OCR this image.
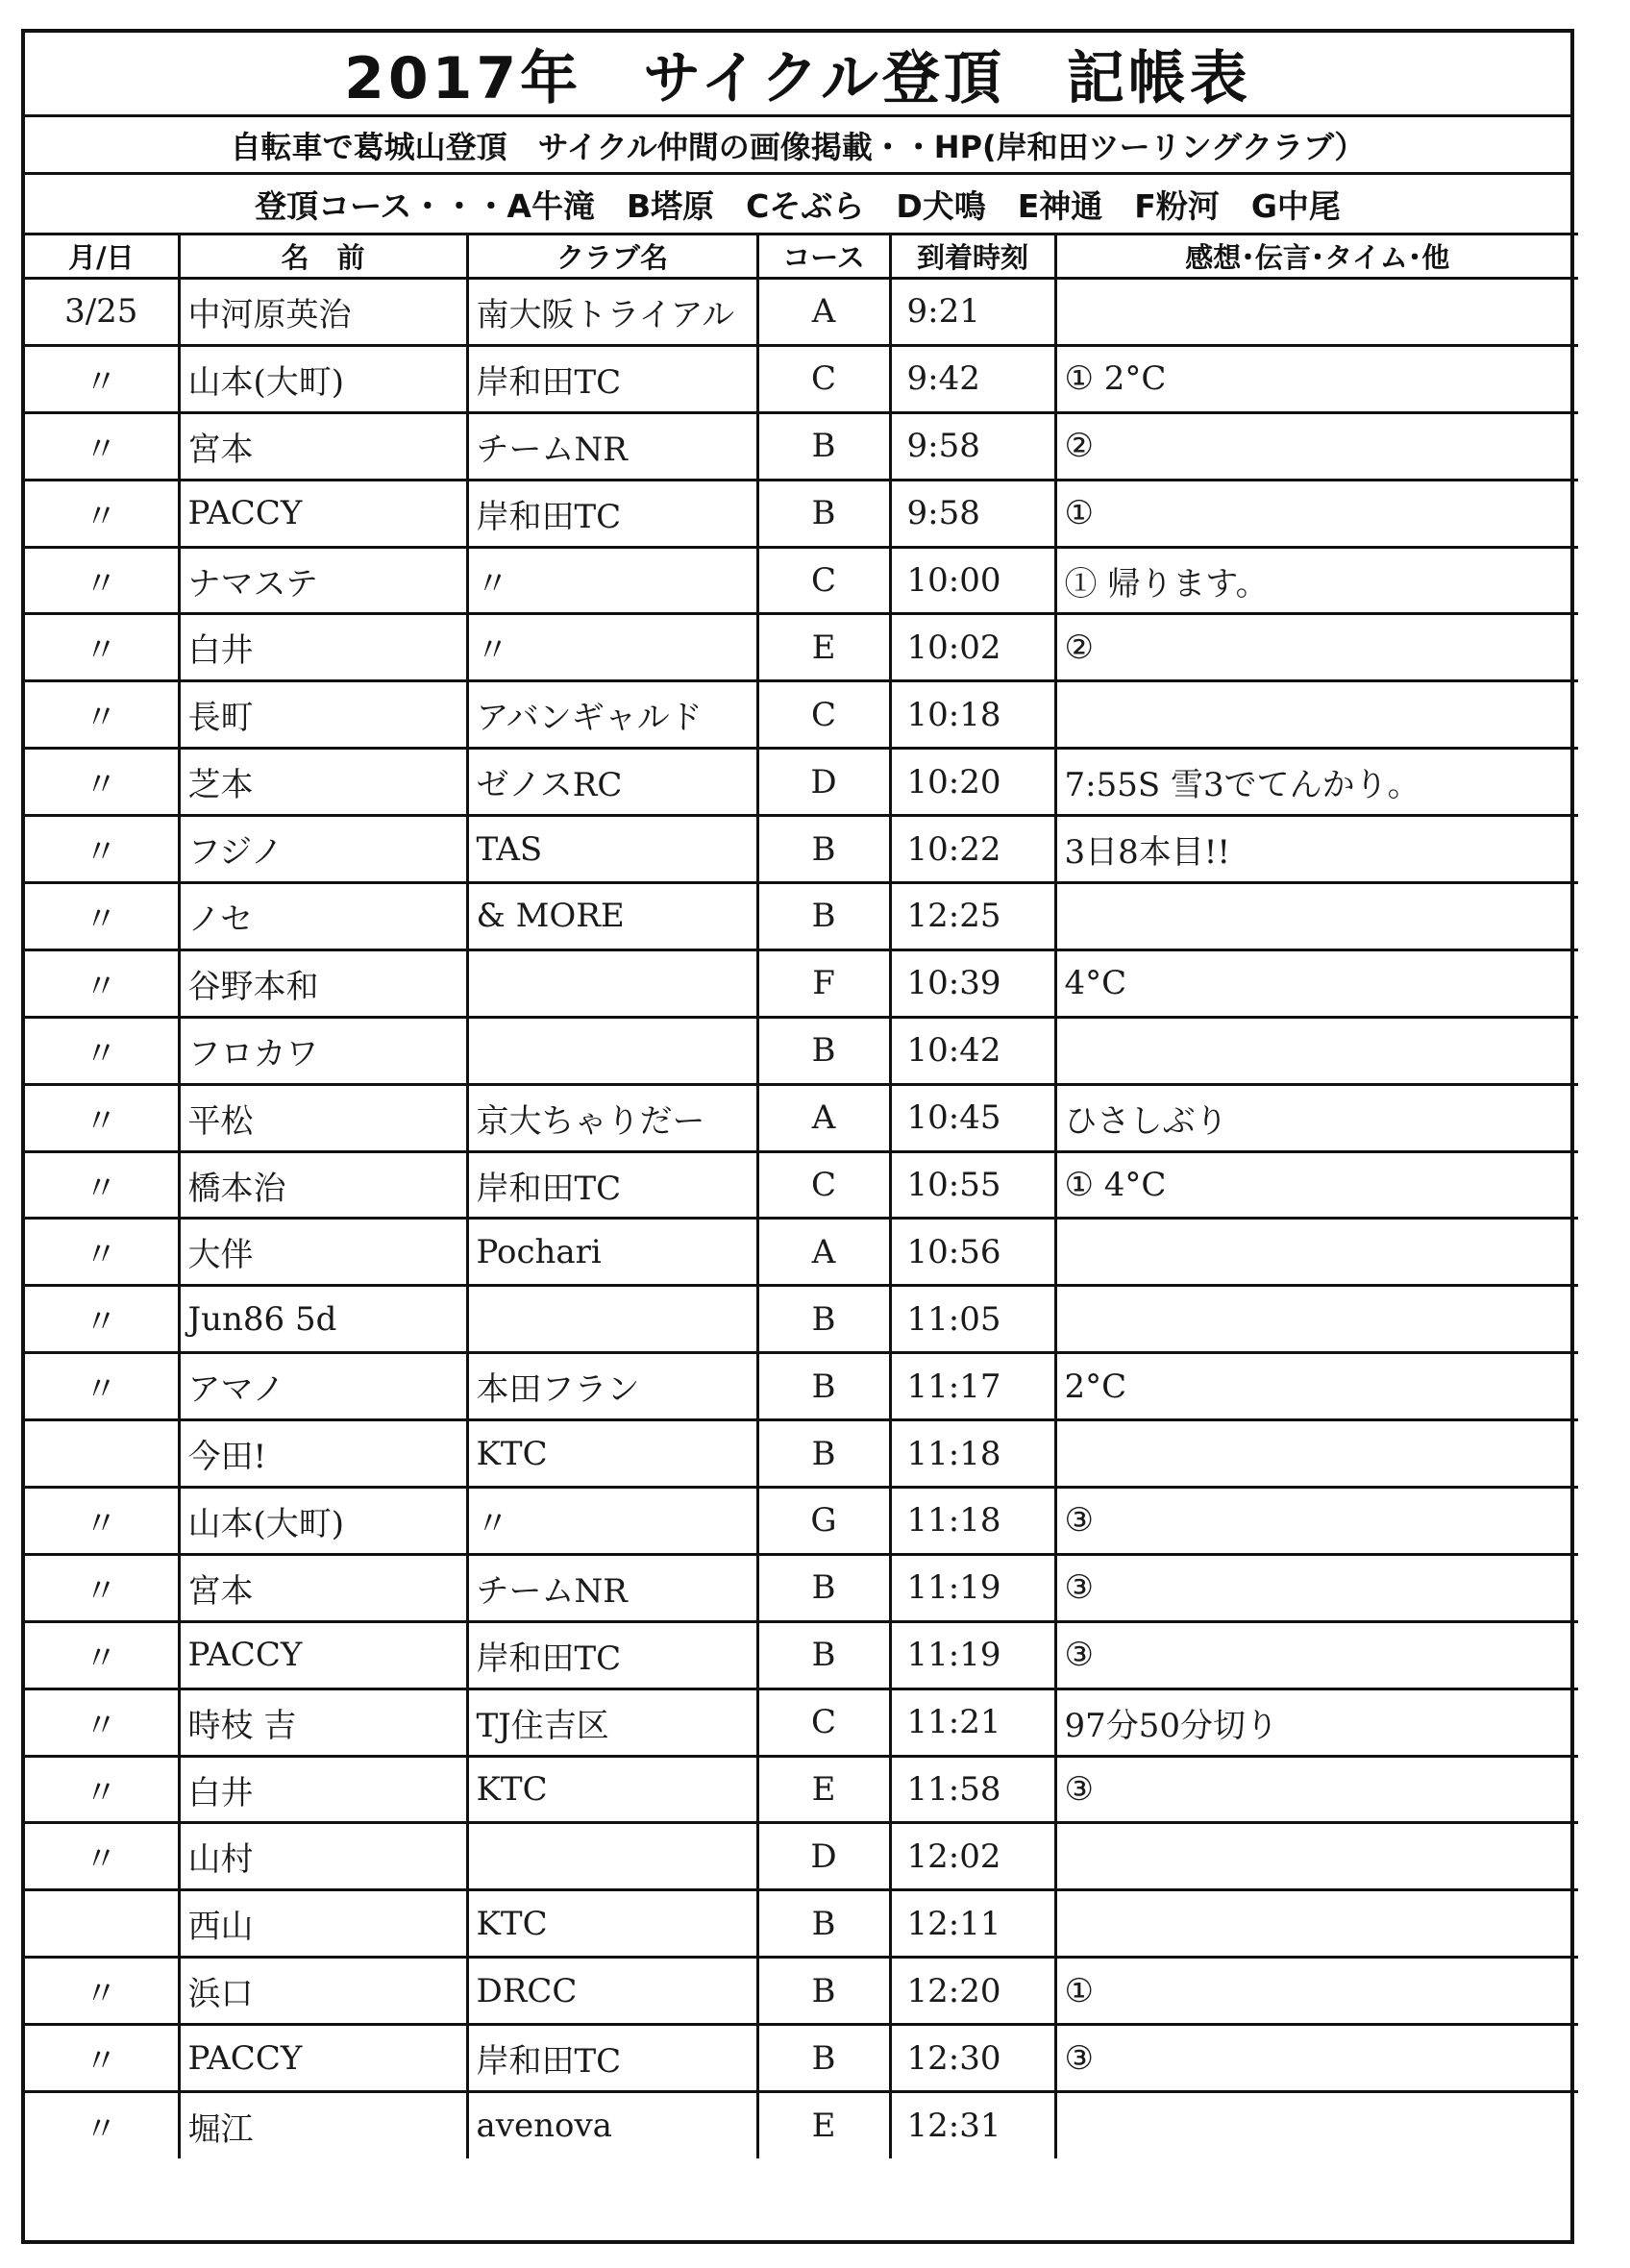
2017年　サイクル登頂　記帳表
自転車で葛城山登頂　サイクル仲間の画像掲載・・HP(岸和田ツーリングクラブ）
登頂コース・・・A牛滝　B塔原　Cそぶら　D犬鳴　E神通　F粉河　G中尾
月/日	名　前	クラブ名	コース	到着時刻	感想･伝言･タイム･他
3/25	中河原英治	南大阪トライアル	A	9:21	
〃	山本(大町)	岸和田TC	C	9:42	① 2°C
〃	宮本	チームNR	B	9:58	②
〃	PACCY	岸和田TC	B	9:58	①
〃	ナマステ	〃	C	10:00	① 帰ります。
〃	白井	〃	E	10:02	②
〃	長町	アバンギャルド	C	10:18	
〃	芝本	ゼノスRC	D	10:20	7:55S 雪3でてんかり。
〃	フジノ	TAS	B	10:22	3日8本目!!
〃	ノセ	& MORE	B	12:25	
〃	谷野本和		F	10:39	4°C
〃	フロカワ		B	10:42	
〃	平松	京大ちゃりだー	A	10:45	ひさしぶり
〃	橋本治	岸和田TC	C	10:55	① 4°C
〃	大伴	Pochari	A	10:56	
〃	Jun86 5d		B	11:05	
〃	アマノ	本田フラン	B	11:17	2°C
	今田!	KTC	B	11:18	
〃	山本(大町)	〃	G	11:18	③
〃	宮本	チームNR	B	11:19	③
〃	PACCY	岸和田TC	B	11:19	③
〃	時枝 吉	TJ住吉区	C	11:21	97分50分切り
〃	白井	KTC	E	11:58	③
〃	山村		D	12:02	
	西山	KTC	B	12:11	
〃	浜口	DRCC	B	12:20	①
〃	PACCY	岸和田TC	B	12:30	③
〃	堀江	avenova	E	12:31	
